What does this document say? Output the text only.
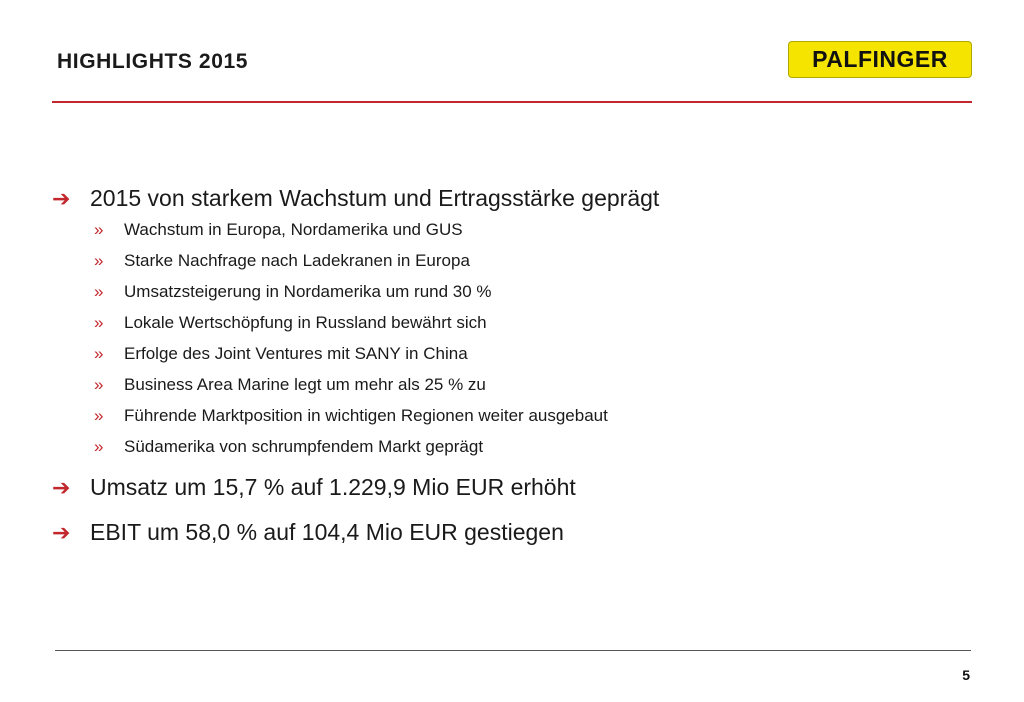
HIGHLIGHTS 2015	PALFINGER
➔ 2015 von starkem Wachstum und Ertragsstärke geprägt
»	Wachstum in Europa, Nordamerika und GUS
»	Starke Nachfrage nach Ladekranen in Europa
»	Umsatzsteigerung in Nordamerika um rund 30 %
»	Lokale Wertschöpfung in Russland bewährt sich
»	Erfolge des Joint Ventures mit SANY in China
»	Business Area Marine legt um mehr als 25 % zu
»	Führende Marktposition in wichtigen Regionen weiter ausgebaut
»	Südamerika von schrumpfendem Markt geprägt
➔ Umsatz um 15,7 % auf 1.229,9 Mio EUR erhöht
➔ EBIT um 58,0 % auf 104,4 Mio EUR gestiegen
5
